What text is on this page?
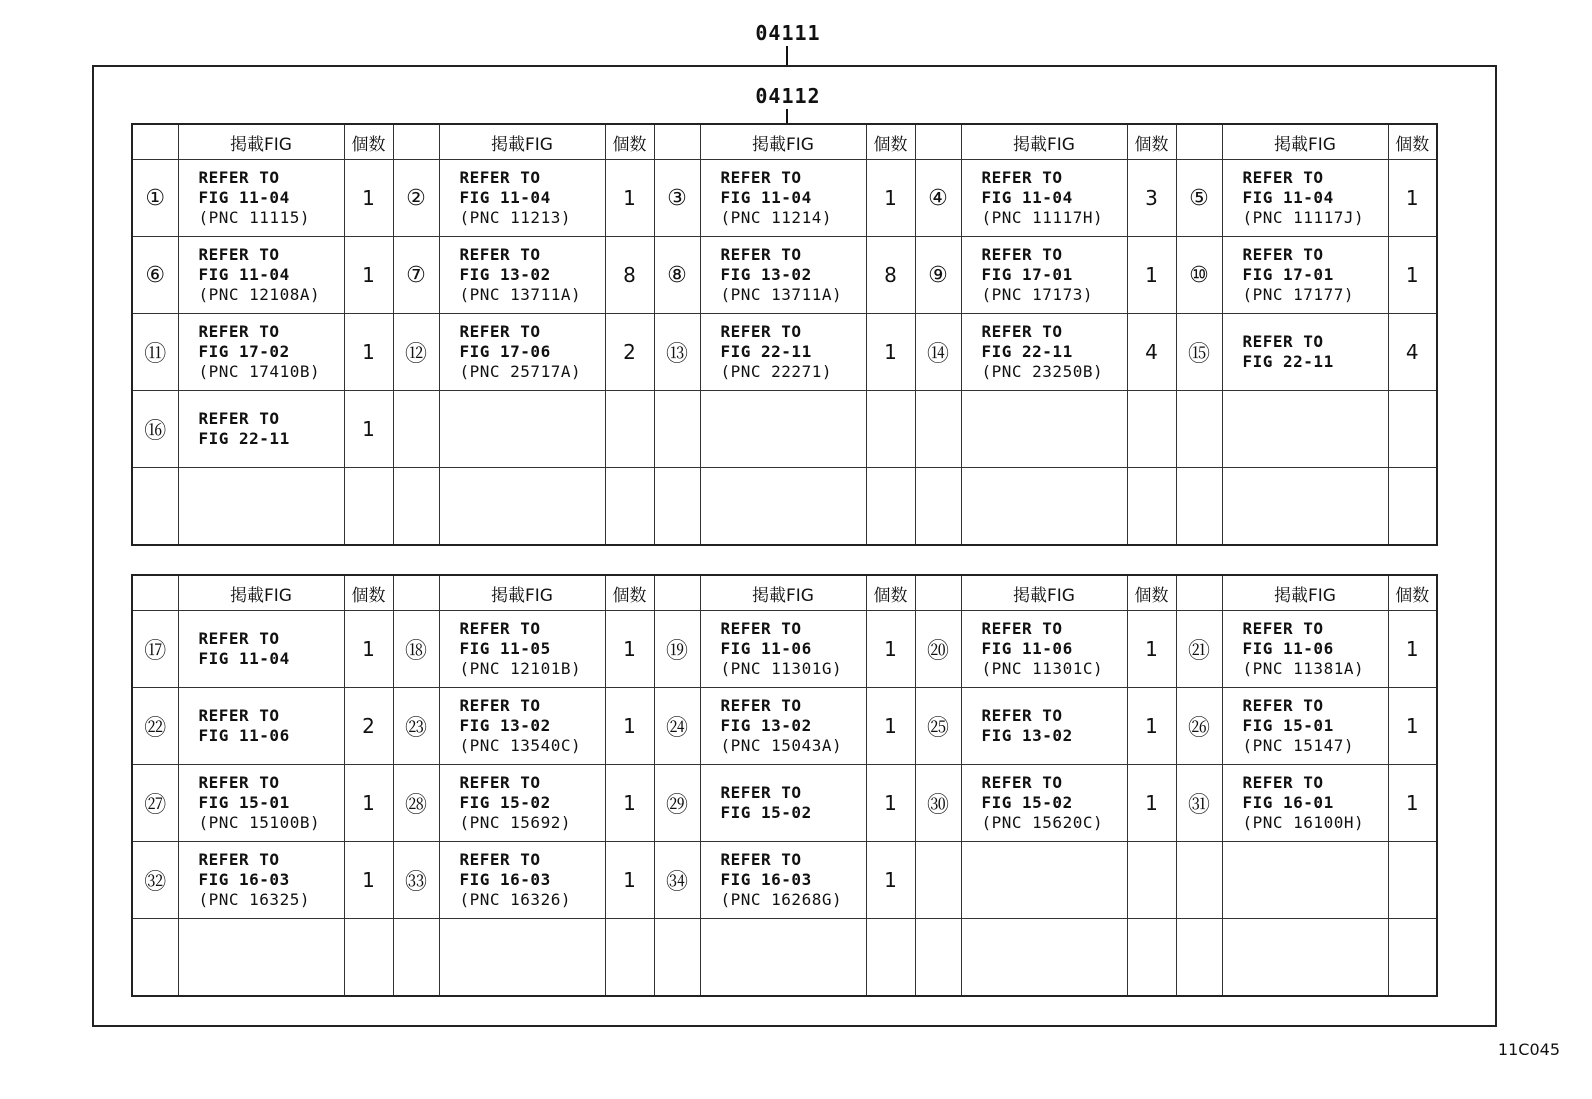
04111
04112
	掲載FIG	個数		掲載FIG	個数		掲載FIG	個数		掲載FIG	個数		掲載FIG	個数
①	REFER TO
FIG 11-04
(PNC 11115)	1	②	REFER TO
FIG 11-04
(PNC 11213)	1	③	REFER TO
FIG 11-04
(PNC 11214)	1	④	REFER TO
FIG 11-04
(PNC 11117H)	3	⑤	REFER TO
FIG 11-04
(PNC 11117J)	1
⑥	REFER TO
FIG 11-04
(PNC 12108A)	1	⑦	REFER TO
FIG 13-02
(PNC 13711A)	8	⑧	REFER TO
FIG 13-02
(PNC 13711A)	8	⑨	REFER TO
FIG 17-01
(PNC 17173)	1	⑩	REFER TO
FIG 17-01
(PNC 17177)	1
⑪	REFER TO
FIG 17-02
(PNC 17410B)	1	⑫	REFER TO
FIG 17-06
(PNC 25717A)	2	⑬	REFER TO
FIG 22-11
(PNC 22271)	1	⑭	REFER TO
FIG 22-11
(PNC 23250B)	4	⑮	REFER TO
FIG 22-11	4
⑯	REFER TO
FIG 22-11	1		

	掲載FIG	個数		掲載FIG	個数		掲載FIG	個数		掲載FIG	個数		掲載FIG	個数
⑰	REFER TO
FIG 11-04	1	⑱	REFER TO
FIG 11-05
(PNC 12101B)	1	⑲	REFER TO
FIG 11-06
(PNC 11301G)	1	⑳	REFER TO
FIG 11-06
(PNC 11301C)	1	㉑	REFER TO
FIG 11-06
(PNC 11381A)	1
㉒	REFER TO
FIG 11-06	2	㉓	REFER TO
FIG 13-02
(PNC 13540C)	1	㉔	REFER TO
FIG 13-02
(PNC 15043A)	1	㉕	REFER TO
FIG 13-02	1	㉖	REFER TO
FIG 15-01
(PNC 15147)	1
㉗	REFER TO
FIG 15-01
(PNC 15100B)	1	㉘	REFER TO
FIG 15-02
(PNC 15692)	1	㉙	REFER TO
FIG 15-02	1	㉚	REFER TO
FIG 15-02
(PNC 15620C)	1	㉛	REFER TO
FIG 16-01
(PNC 16100H)	1
㉜	REFER TO
FIG 16-03
(PNC 16325)	1	㉝	REFER TO
FIG 16-03
(PNC 16326)	1	㉞	REFER TO
FIG 16-03
(PNC 16268G)	1		

11C045
